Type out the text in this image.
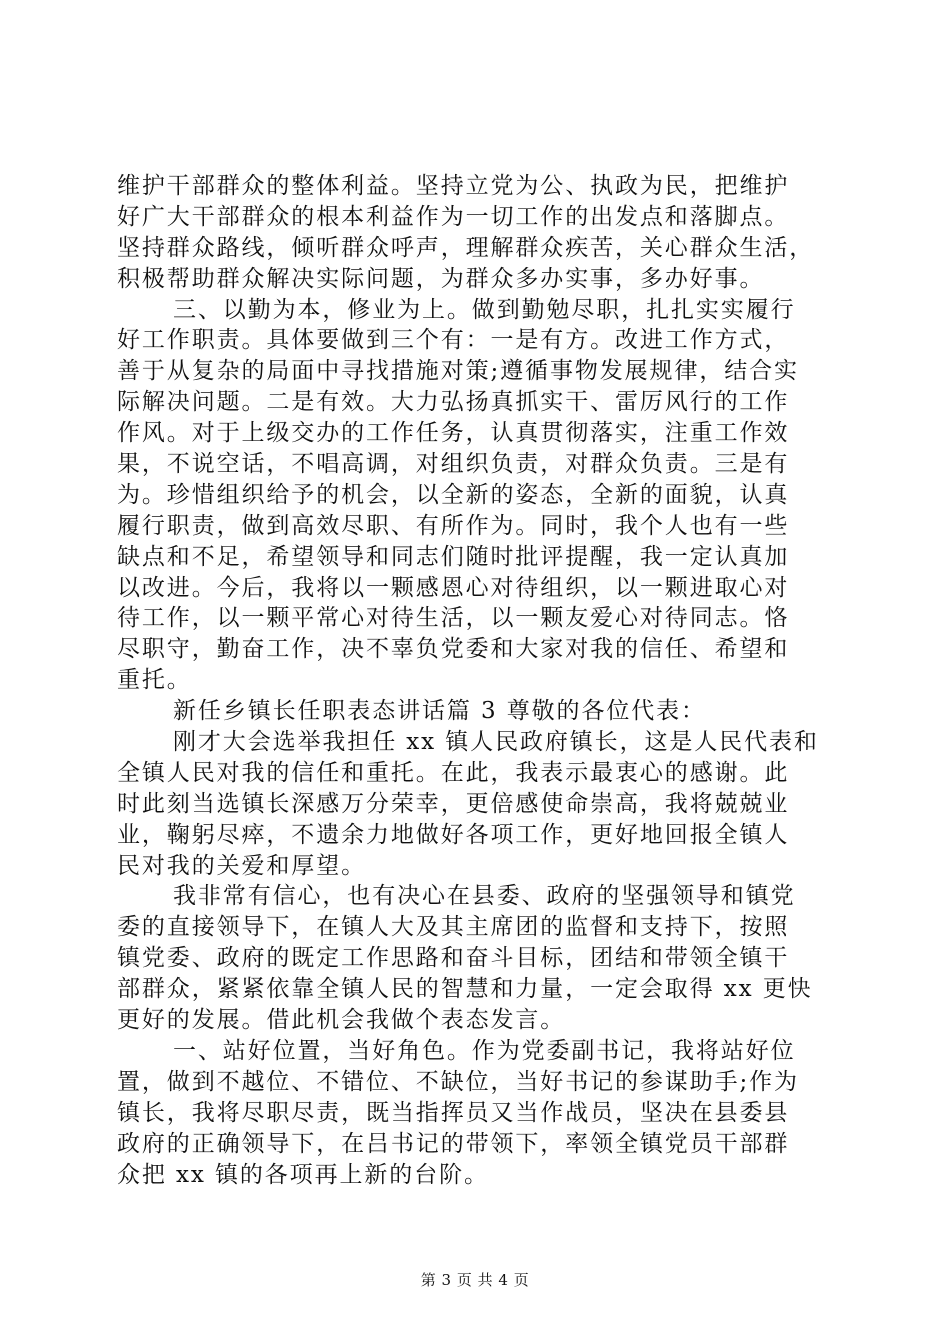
维护干部群众的整体利益。坚持立党为公、执政为民，把维护
好广大干部群众的根本利益作为一切工作的出发点和落脚点。
坚持群众路线，倾听群众呼声，理解群众疾苦，关心群众生活，
积极帮助群众解决实际问题，为群众多办实事，多办好事。
三、以勤为本，修业为上。做到勤勉尽职，扎扎实实履行
好工作职责。具体要做到三个有：一是有方。改进工作方式，
善于从复杂的局面中寻找措施对策;遵循事物发展规律，结合实
际解决问题。二是有效。大力弘扬真抓实干、雷厉风行的工作
作风。对于上级交办的工作任务，认真贯彻落实，注重工作效
果，不说空话，不唱高调，对组织负责，对群众负责。三是有
为。珍惜组织给予的机会，以全新的姿态，全新的面貌，认真
履行职责，做到高效尽职、有所作为。同时，我个人也有一些
缺点和不足，希望领导和同志们随时批评提醒，我一定认真加
以改进。今后，我将以一颗感恩心对待组织，以一颗进取心对
待工作，以一颗平常心对待生活，以一颗友爱心对待同志。恪
尽职守，勤奋工作，决不辜负党委和大家对我的信任、希望和
重托。
新任乡镇长任职表态讲话篇 3 尊敬的各位代表：
刚才大会选举我担任 xx 镇人民政府镇长，这是人民代表和
全镇人民对我的信任和重托。在此，我表示最衷心的感谢。此
时此刻当选镇长深感万分荣幸，更倍感使命崇高，我将兢兢业
业，鞠躬尽瘁，不遗余力地做好各项工作，更好地回报全镇人
民对我的关爱和厚望。
我非常有信心，也有决心在县委、政府的坚强领导和镇党
委的直接领导下，在镇人大及其主席团的监督和支持下，按照
镇党委、政府的既定工作思路和奋斗目标，团结和带领全镇干
部群众，紧紧依靠全镇人民的智慧和力量，一定会取得 xx 更快
更好的发展。借此机会我做个表态发言。
一、站好位置，当好角色。作为党委副书记，我将站好位
置，做到不越位、不错位、不缺位，当好书记的参谋助手;作为
镇长，我将尽职尽责，既当指挥员又当作战员，坚决在县委县
政府的正确领导下，在吕书记的带领下，率领全镇党员干部群
众把 xx 镇的各项再上新的台阶。
第 3 页 共 4 页
